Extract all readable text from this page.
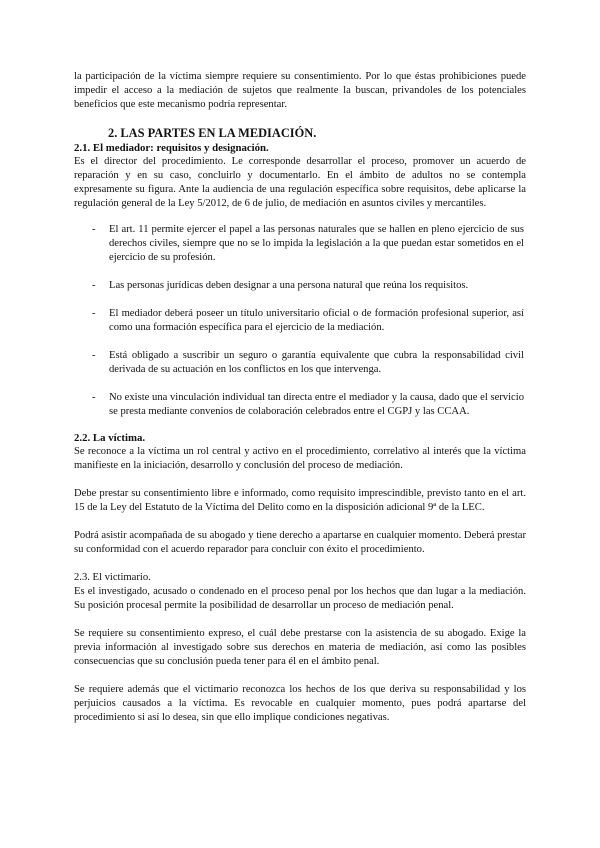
la participación de la víctima siempre requiere su consentimiento. Por lo que éstas prohibiciones puede impedir el acceso a la mediación de sujetos que realmente la buscan, privandoles de los potenciales beneficios que este mecanismo podría representar.

2. LAS PARTES EN LA MEDIACIÓN.
2.1. El mediador: requisitos y designación.

Es el director del procedimiento. Le corresponde desarrollar el proceso, promover un acuerdo de reparación y en su caso, concluirlo y documentarlo. En el ámbito de adultos no se contempla expresamente su figura. Ante la audiencia de una regulación específica sobre requisitos, debe aplicarse la regulación general de la Ley 5/2012, de 6 de julio, de mediación en asuntos civiles y mercantiles.

- El art. 11 permite ejercer el papel a las personas naturales que se hallen en pleno ejercicio de sus derechos civiles, siempre que no se lo impida la legislación a la que puedan estar sometidos en el ejercicio de su profesión.
- Las personas jurídicas deben designar a una persona natural que reúna los requisitos.
- El mediador deberá poseer un título universitario oficial o de formación profesional superior, así como una formación específica para el ejercicio de la mediación.
- Está obligado a suscribir un seguro o garantía equivalente que cubra la responsabilidad civil derivada de su actuación en los conflictos en los que intervenga.
- No existe una vinculación individual tan directa entre el mediador y la causa, dado que el servicio se presta mediante convenios de colaboración celebrados entre el CGPJ y las CCAA.
2.2. La víctima.

Se reconoce a la víctima un rol central y activo en el procedimiento, correlativo al interés que la víctima manifieste en la iniciación, desarrollo y conclusión del proceso de mediación.

Debe prestar su consentimiento libre e informado, como requisito imprescindible, previsto tanto en el art. 15 de la Ley del Estatuto de la Víctima del Delito como en la disposición adicional 9ª de la LEC.

Podrá asistir acompañada de su abogado y tiene derecho a apartarse en cualquier momento. Deberá prestar su conformidad con el acuerdo reparador para concluir con éxito el procedimiento.

2.3. El victimario.

Es el investigado, acusado o condenado en el proceso penal por los hechos que dan lugar a la mediación. Su posición procesal permite la posibilidad de desarrollar un proceso de mediación penal.

Se requiere su consentimiento expreso, el cuál debe prestarse con la asistencia de su abogado. Exige la previa información al investigado sobre sus derechos en materia de mediación, así como las posibles consecuencias que su conclusión pueda tener para él en el ámbito penal.

Se requiere además que el victimario reconozca los hechos de los que deriva su responsabilidad y los perjuicios causados a la víctima. Es revocable en cualquier momento, pues podrá apartarse del procedimiento si así lo desea, sin que ello implique condiciones negativas.
